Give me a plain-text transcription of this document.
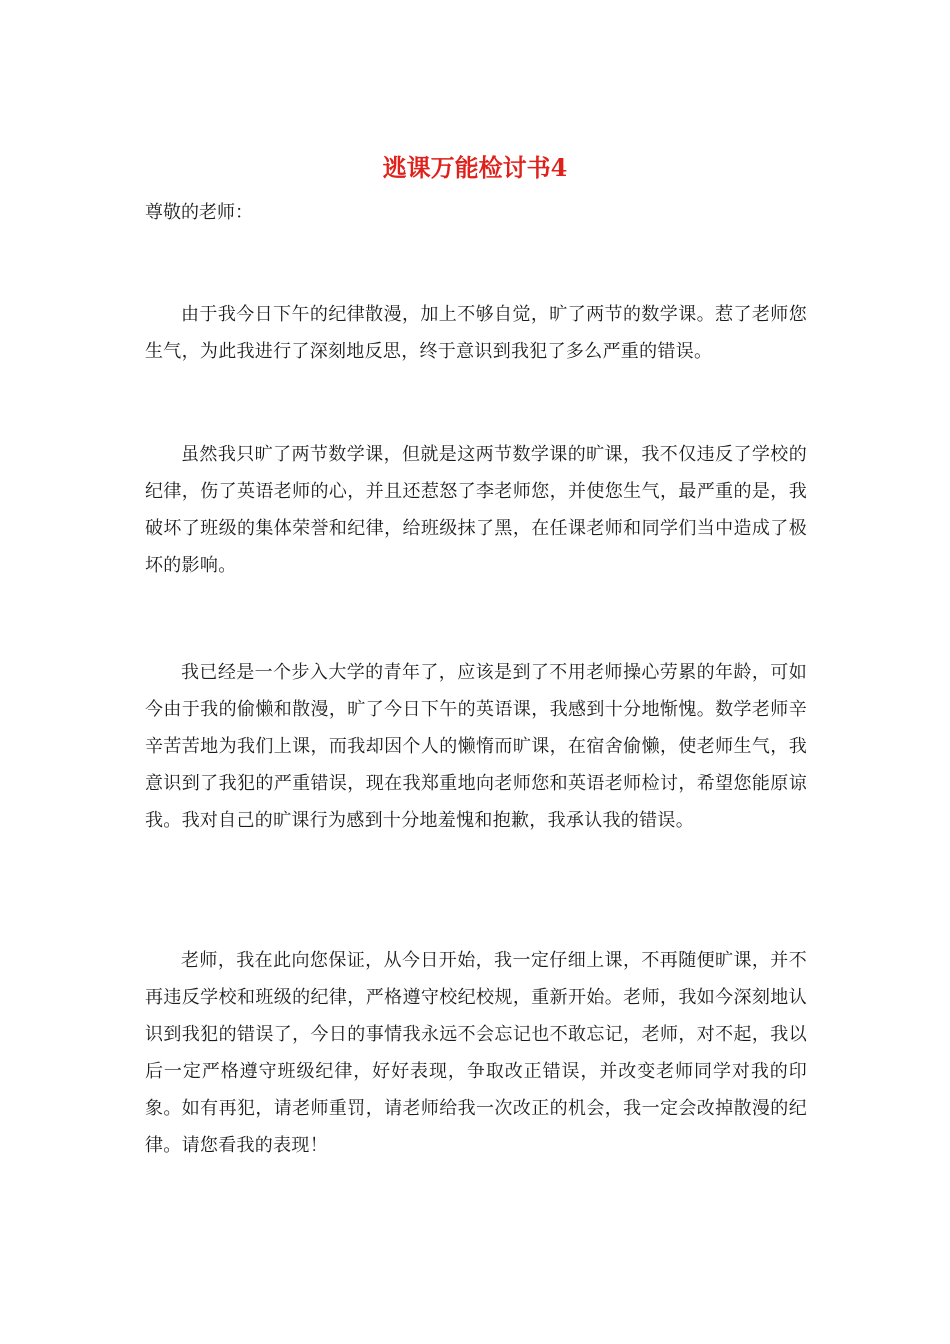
逃课万能检讨书4

尊敬的老师：

由于我今日下午的纪律散漫，加上不够自觉，旷了两节的数学课。惹了老师您生气，为此我进行了深刻地反思，终于意识到我犯了多么严重的错误。

虽然我只旷了两节数学课，但就是这两节数学课的旷课，我不仅违反了学校的纪律，伤了英语老师的心，并且还惹怒了李老师您，并使您生气，最严重的是，我破坏了班级的集体荣誉和纪律，给班级抹了黑，在任课老师和同学们当中造成了极坏的影响。

我已经是一个步入大学的青年了，应该是到了不用老师操心劳累的年龄，可如今由于我的偷懒和散漫，旷了今日下午的英语课，我感到十分地惭愧。数学老师辛辛苦苦地为我们上课，而我却因个人的懒惰而旷课，在宿舍偷懒，使老师生气，我意识到了我犯的严重错误，现在我郑重地向老师您和英语老师检讨，希望您能原谅我。我对自己的旷课行为感到十分地羞愧和抱歉，我承认我的错误。

老师，我在此向您保证，从今日开始，我一定仔细上课，不再随便旷课，并不再违反学校和班级的纪律，严格遵守校纪校规，重新开始。老师，我如今深刻地认识到我犯的错误了，今日的事情我永远不会忘记也不敢忘记，老师，对不起，我以后一定严格遵守班级纪律，好好表现，争取改正错误，并改变老师同学对我的印象。如有再犯，请老师重罚，请老师给我一次改正的机会，我一定会改掉散漫的纪律。请您看我的表现！
